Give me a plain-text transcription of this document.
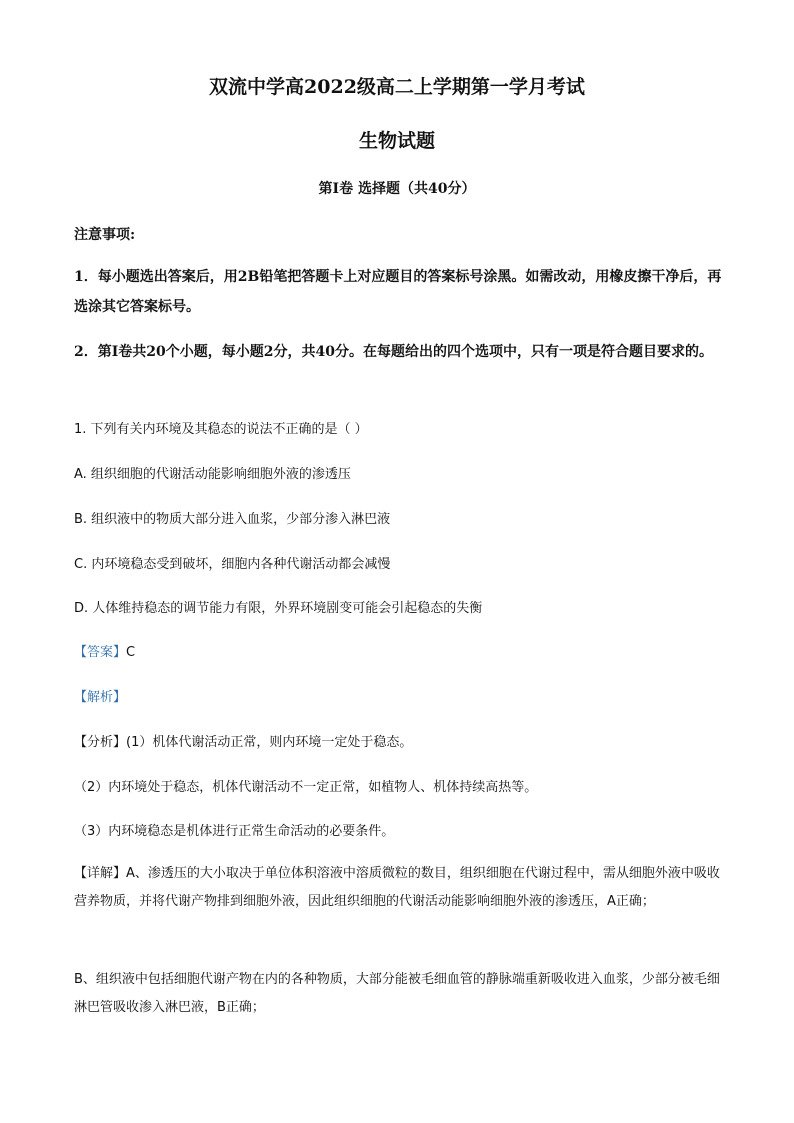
双流中学高2022级高二上学期第一学月考试
生物试题
第I卷 选择题（共40分）
注意事项:
1．每小题选出答案后，用2B铅笔把答题卡上对应题目的答案标号涂黑。如需改动，用橡皮擦干净后，再选涂其它答案标号。
2．第I卷共20个小题，每小题2分，共40分。在每题给出的四个选项中，只有一项是符合题目要求的。
1. 下列有关内环境及其稳态的说法不正确的是（ ）
A. 组织细胞的代谢活动能影响细胞外液的渗透压
B. 组织液中的物质大部分进入血浆，少部分渗入淋巴液
C. 内环境稳态受到破坏，细胞内各种代谢活动都会减慢
D. 人体维持稳态的调节能力有限，外界环境剧变可能会引起稳态的失衡
【答案】C
【解析】
【分析】(1）机体代谢活动正常，则内环境一定处于稳态。
（2）内环境处于稳态，机体代谢活动不一定正常，如植物人、机体持续高热等。
（3）内环境稳态是机体进行正常生命活动的必要条件。
【详解】A、渗透压的大小取决于单位体积溶液中溶质微粒的数目，组织细胞在代谢过程中，需从细胞外液中吸收营养物质，并将代谢产物排到细胞外液，因此组织细胞的代谢活动能影响细胞外液的渗透压，A正确；
B、组织液中包括细胞代谢产物在内的各种物质，大部分能被毛细血管的静脉端重新吸收进入血浆，少部分被毛细淋巴管吸收渗入淋巴液，B正确；
